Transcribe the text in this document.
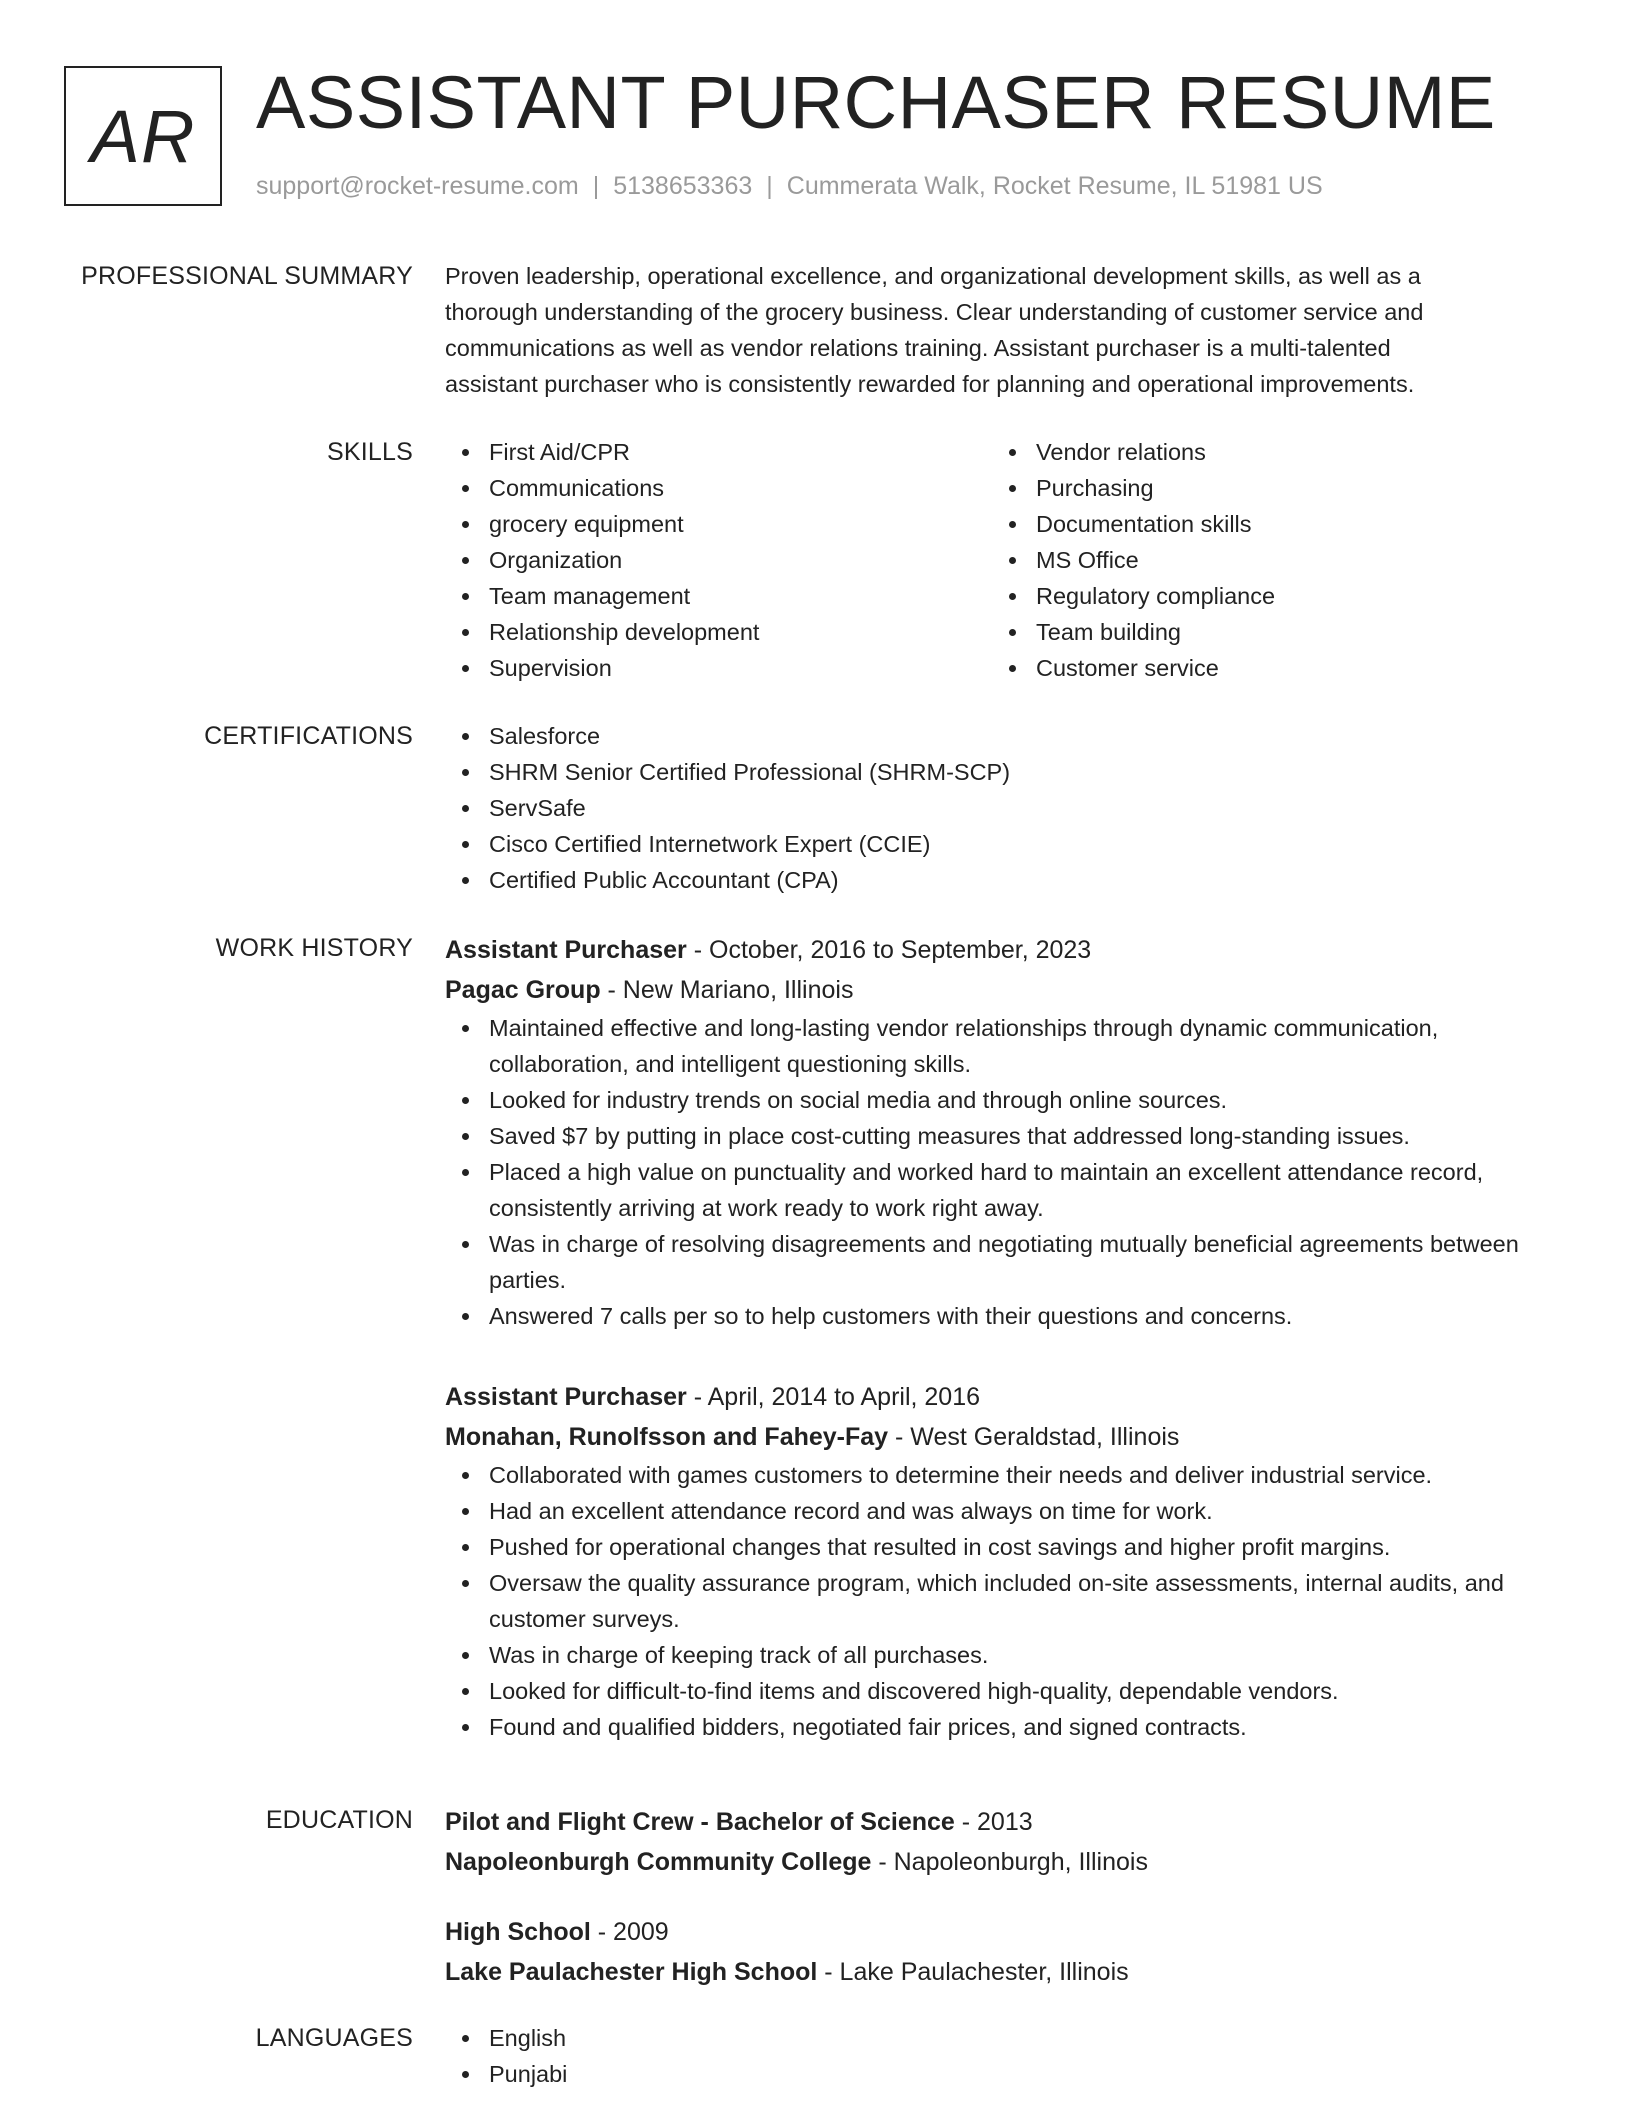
AR ASSISTANT PURCHASER RESUME
support@rocket-resume.com | 5138653363 | Cummerata Walk, Rocket Resume, IL 51981 US
PROFESSIONAL SUMMARY Proven leadership, operational excellence, and organizational development skills, as well as a
thorough understanding of the grocery business. Clear understanding of customer service and
communications as well as vendor relations training. Assistant purchaser is a multi-talented
assistant purchaser who is consistently rewarded for planning and operational improvements.
SKILLS	First Aid/CPR
Communications
grocery equipment
Organization
Team management
Relationship development
Supervision
Vendor relations
Purchasing
Documentation skills
MS Office
Regulatory compliance
Team building
Customer service
CERTIFICATIONS	Salesforce
SHRM Senior Certified Professional (SHRM-SCP)
ServSafe
Cisco Certified Internetwork Expert (CCIE)
Certified Public Accountant (CPA)
WORK HISTORY Assistant Purchaser - October, 2016 to September, 2023
Pagac Group - New Mariano, Illinois
Maintained effective and long-lasting vendor relationships through dynamic communication, collaboration, and intelligent questioning skills.
Looked for industry trends on social media and through online sources.
Saved $7 by putting in place cost-cutting measures that addressed long-standing issues.
Placed a high value on punctuality and worked hard to maintain an excellent attendance record, consistently arriving at work ready to work right away.
Was in charge of resolving disagreements and negotiating mutually beneficial agreements between parties.
Answered 7 calls per so to help customers with their questions and concerns.
Assistant Purchaser - April, 2014 to April, 2016
Monahan, Runolfsson and Fahey-Fay - West Geraldstad, Illinois
Collaborated with games customers to determine their needs and deliver industrial service.
Had an excellent attendance record and was always on time for work.
Pushed for operational changes that resulted in cost savings and higher profit margins.
Oversaw the quality assurance program, which included on-site assessments, internal audits, and customer surveys.
Was in charge of keeping track of all purchases.
Looked for difficult-to-find items and discovered high-quality, dependable vendors.
Found and qualified bidders, negotiated fair prices, and signed contracts.
EDUCATION Pilot and Flight Crew - Bachelor of Science - 2013
Napoleonburgh Community College - Napoleonburgh, Illinois
High School - 2009
Lake Paulachester High School - Lake Paulachester, Illinois
LANGUAGES	English
Punjabi
